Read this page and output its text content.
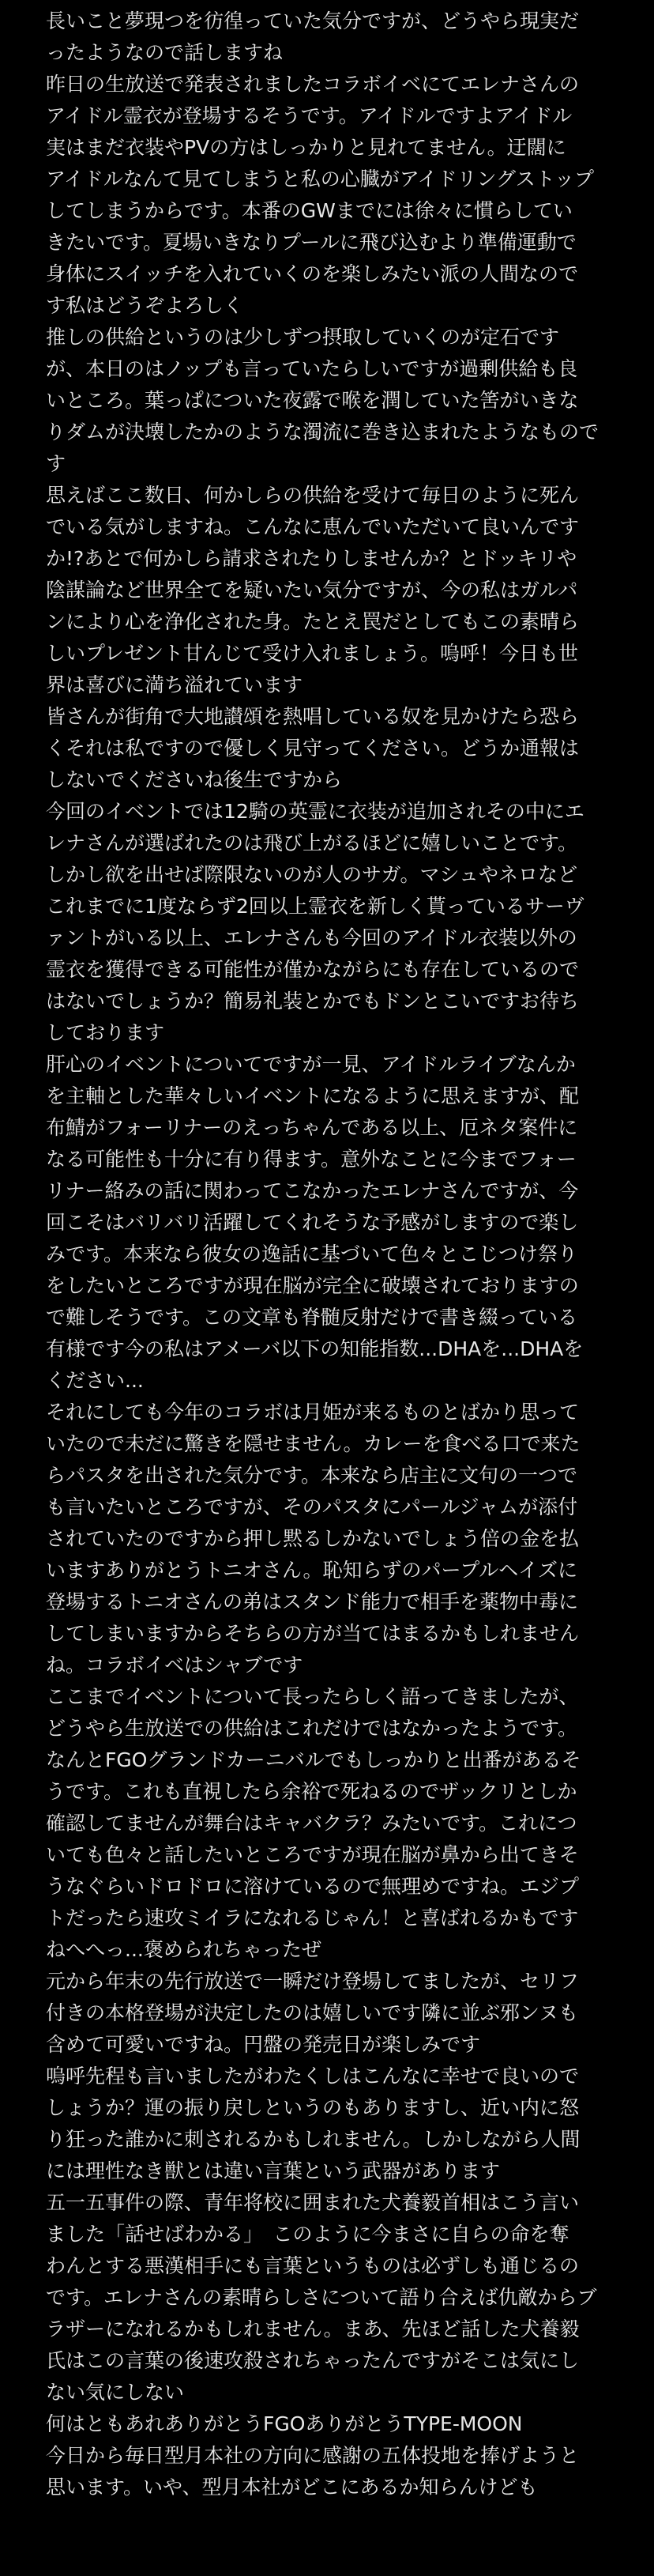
長いこと夢現つを彷徨っていた気分ですが、どうやら現実だ
ったようなので話しますね
昨日の生放送で発表されましたコラボイベにてエレナさんの
アイドル霊衣が登場するそうです。アイドルですよアイドル
実はまだ衣装やPVの方はしっかりと見れてません。迂闊に
アイドルなんて見てしまうと私の心臓がアイドリングストップ
してしまうからです。本番のGWまでには徐々に慣らしてい
きたいです。夏場いきなりプールに飛び込むより準備運動で
身体にスイッチを入れていくのを楽しみたい派の人間なので
す私はどうぞよろしく
推しの供給というのは少しずつ摂取していくのが定石です
が、本日のはノップも言っていたらしいですが過剰供給も良
いところ。葉っぱについた夜露で喉を潤していた筈がいきな
りダムが決壊したかのような濁流に巻き込まれたようなもので
す
思えばここ数日、何かしらの供給を受けて毎日のように死ん
でいる気がしますね。こんなに恵んでいただいて良いんです
か!?あとで何かしら請求されたりしませんか？とドッキリや
陰謀論など世界全てを疑いたい気分ですが、今の私はガルパ
ンにより心を浄化された身。たとえ罠だとしてもこの素晴ら
しいプレゼント甘んじて受け入れましょう。嗚呼！今日も世
界は喜びに満ち溢れています
皆さんが街角で大地讃頌を熱唱している奴を見かけたら恐ら
くそれは私ですので優しく見守ってください。どうか通報は
しないでくださいね後生ですから
今回のイベントでは12騎の英霊に衣装が追加されその中にエ
レナさんが選ばれたのは飛び上がるほどに嬉しいことです。
しかし欲を出せば際限ないのが人のサガ。マシュやネロなど
これまでに1度ならず2回以上霊衣を新しく貰っているサーヴ
ァントがいる以上、エレナさんも今回のアイドル衣装以外の
霊衣を獲得できる可能性が僅かながらにも存在しているので
はないでしょうか？簡易礼装とかでもドンとこいですお待ち
しております
肝心のイベントについてですが一見、アイドルライブなんか
を主軸とした華々しいイベントになるように思えますが、配
布鯖がフォーリナーのえっちゃんである以上、厄ネタ案件に
なる可能性も十分に有り得ます。意外なことに今までフォー
リナー絡みの話に関わってこなかったエレナさんですが、今
回こそはバリバリ活躍してくれそうな予感がしますので楽し
みです。本来なら彼女の逸話に基づいて色々とこじつけ祭り
をしたいところですが現在脳が完全に破壊されておりますの
で難しそうです。この文章も脊髄反射だけで書き綴っている
有様です今の私はアメーバ以下の知能指数...DHAを...DHAを
ください...
それにしても今年のコラボは月姫が来るものとばかり思って
いたので未だに驚きを隠せません。カレーを食べる口で来た
らパスタを出された気分です。本来なら店主に文句の一つで
も言いたいところですが、そのパスタにパールジャムが添付
されていたのですから押し黙るしかないでしょう倍の金を払
いますありがとうトニオさん。恥知らずのパープルヘイズに
登場するトニオさんの弟はスタンド能力で相手を薬物中毒に
してしまいますからそちらの方が当てはまるかもしれません
ね。コラボイベはシャブです
ここまでイベントについて長ったらしく語ってきましたが、
どうやら生放送での供給はこれだけではなかったようです。
なんとFGOグランドカーニバルでもしっかりと出番があるそ
うです。これも直視したら余裕で死ねるのでザックリとしか
確認してませんが舞台はキャバクラ？みたいです。これにつ
いても色々と話したいところですが現在脳が鼻から出てきそ
うなぐらいドロドロに溶けているので無理めですね。エジプ
トだったら速攻ミイラになれるじゃん！と喜ばれるかもです
ねへへっ...褒められちゃったぜ
元から年末の先行放送で一瞬だけ登場してましたが、セリフ
付きの本格登場が決定したのは嬉しいです隣に並ぶ邪ンヌも
含めて可愛いですね。円盤の発売日が楽しみです
嗚呼先程も言いましたがわたくしはこんなに幸せで良いので
しょうか？運の振り戻しというのもありますし、近い内に怒
り狂った誰かに刺されるかもしれません。しかしながら人間
には理性なき獣とは違い言葉という武器があります
五一五事件の際、青年将校に囲まれた犬養毅首相はこう言い
ました「話せばわかる」　このように今まさに自らの命を奪
わんとする悪漢相手にも言葉というものは必ずしも通じるの
です。エレナさんの素晴らしさについて語り合えば仇敵からブ
ラザーになれるかもしれません。まあ、先ほど話した犬養毅
氏はこの言葉の後速攻殺されちゃったんですがそこは気にし
ない気にしない
何はともあれありがとうFGOありがとうTYPE-MOON
今日から毎日型月本社の方向に感謝の五体投地を捧げようと
思います。いや、型月本社がどこにあるか知らんけども
